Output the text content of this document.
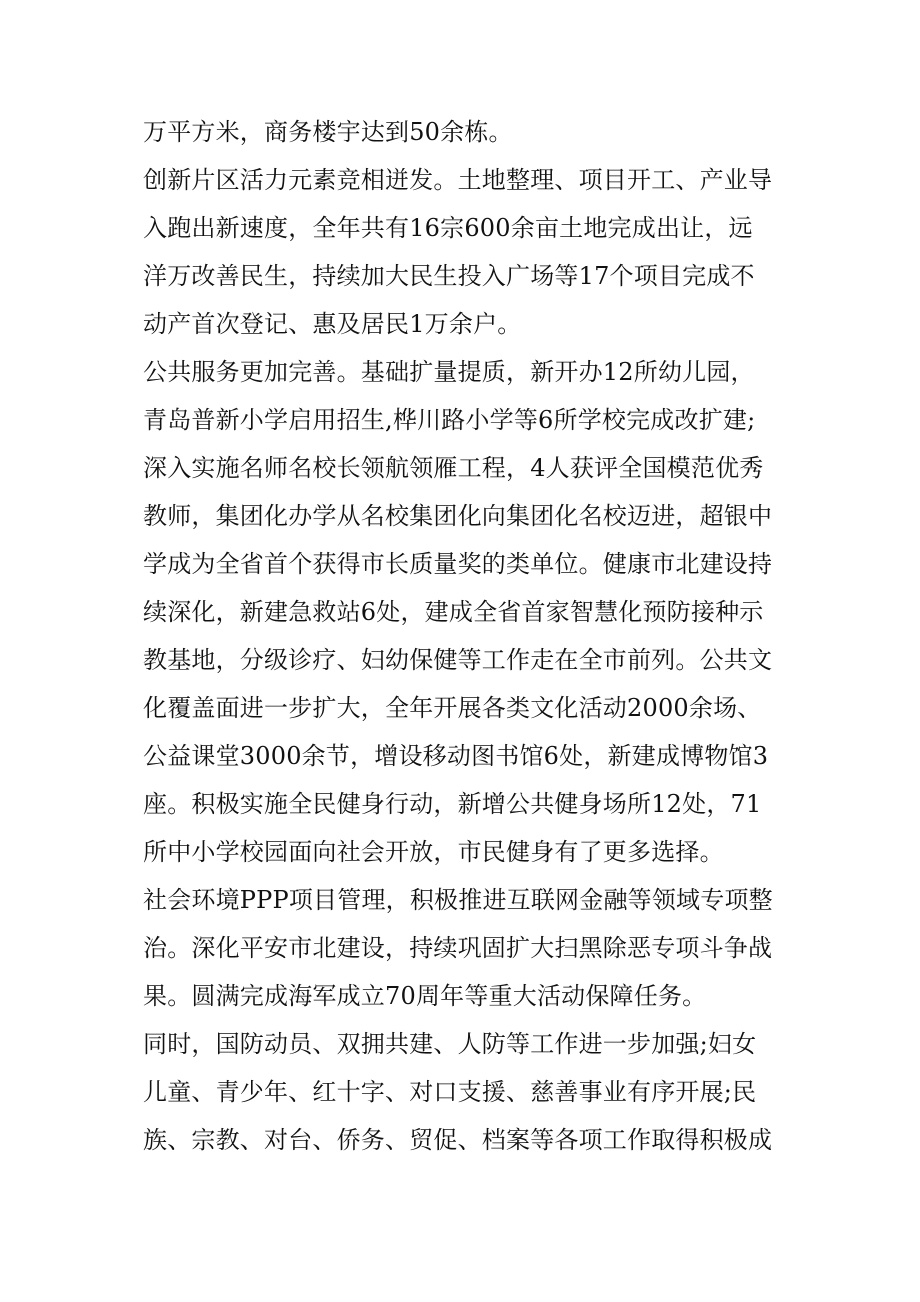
万平方米，商务楼宇达到50余栋。
创新片区活力元素竞相迸发。土地整理、项目开工、产业导
入跑出新速度，全年共有16宗600余亩土地完成出让，远
洋万改善民生，持续加大民生投入广场等17个项目完成不
动产首次登记、惠及居民1万余户。
公共服务更加完善。基础扩量提质，新开办12所幼儿园，
青岛普新小学启用招生,桦川路小学等6所学校完成改扩建;
深入实施名师名校长领航领雁工程，4人获评全国模范优秀
教师，集团化办学从名校集团化向集团化名校迈进，超银中
学成为全省首个获得市长质量奖的类单位。健康市北建设持
续深化，新建急救站6处，建成全省首家智慧化预防接种示
教基地，分级诊疗、妇幼保健等工作走在全市前列。公共文
化覆盖面进一步扩大，全年开展各类文化活动2000余场、
公益课堂3000余节，增设移动图书馆6处，新建成博物馆3
座。积极实施全民健身行动，新增公共健身场所12处，71
所中小学校园面向社会开放，市民健身有了更多选择。
社会环境PPP项目管理，积极推进互联网金融等领域专项整
治。深化平安市北建设，持续巩固扩大扫黑除恶专项斗争战
果。圆满完成海军成立70周年等重大活动保障任务。
同时，国防动员、双拥共建、人防等工作进一步加强;妇女
儿童、青少年、红十字、对口支援、慈善事业有序开展;民
族、宗教、对台、侨务、贸促、档案等各项工作取得积极成
